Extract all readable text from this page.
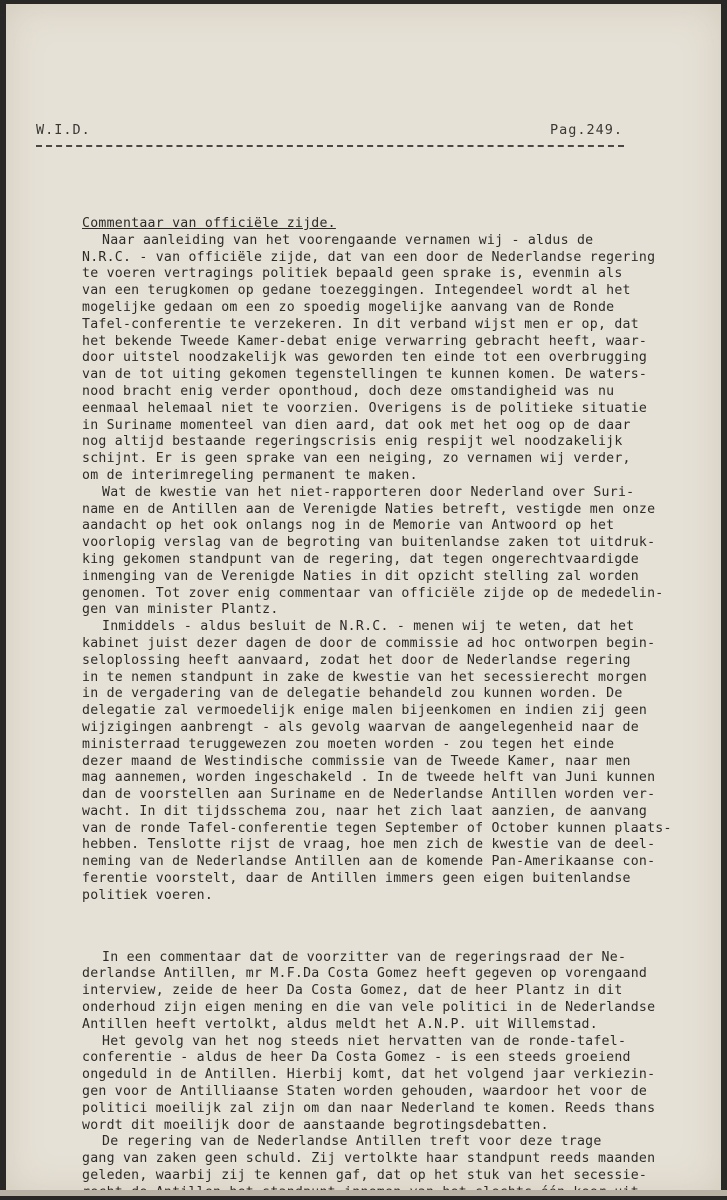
W.I.D.	Pag.249.
Commentaar van officiële zijde.
Naar aanleiding van het voorengaande vernamen wij - aldus de
N.R.C. - van officiële zijde, dat van een door de Nederlandse regering
te voeren vertragings politiek bepaald geen sprake is, evenmin als
van een terugkomen op gedane toezeggingen. Integendeel wordt al het
mogelijke gedaan om een zo spoedig mogelijke aanvang van de Ronde
Tafel-conferentie te verzekeren. In dit verband wijst men er op, dat
het bekende Tweede Kamer-debat enige verwarring gebracht heeft, waar-
door uitstel noodzakelijk was geworden ten einde tot een overbrugging
van de tot uiting gekomen tegenstellingen te kunnen komen. De waters-
nood bracht enig verder oponthoud, doch deze omstandigheid was nu
eenmaal helemaal niet te voorzien. Overigens is de politieke situatie
in Suriname momenteel van dien aard, dat ook met het oog op de daar
nog altijd bestaande regeringscrisis enig respijt wel noodzakelijk
schijnt. Er is geen sprake van een neiging, zo vernamen wij verder,
om de interimregeling permanent te maken.
Wat de kwestie van het niet-rapporteren door Nederland over Suri-
name en de Antillen aan de Verenigde Naties betreft, vestigde men onze
aandacht op het ook onlangs nog in de Memorie van Antwoord op het
voorlopig verslag van de begroting van buitenlandse zaken tot uitdruk-
king gekomen standpunt van de regering, dat tegen ongerechtvaardigde
inmenging van de Verenigde Naties in dit opzicht stelling zal worden
genomen. Tot zover enig commentaar van officiële zijde op de mededelin-
gen van minister Plantz.
Inmiddels - aldus besluit de N.R.C. - menen wij te weten, dat het
kabinet juist dezer dagen de door de commissie ad hoc ontworpen begin-
seloplossing heeft aanvaard, zodat het door de Nederlandse regering
in te nemen standpunt in zake de kwestie van het secessierecht morgen
in de vergadering van de delegatie behandeld zou kunnen worden. De
delegatie zal vermoedelijk enige malen bijeenkomen en indien zij geen
wijzigingen aanbrengt - als gevolg waarvan de aangelegenheid naar de
ministerraad teruggewezen zou moeten worden - zou tegen het einde
dezer maand de Westindische commissie van de Tweede Kamer, naar men
mag aannemen, worden ingeschakeld . In de tweede helft van Juni kunnen
dan de voorstellen aan Suriname en de Nederlandse Antillen worden ver-
wacht. In dit tijdsschema zou, naar het zich laat aanzien, de aanvang
van de ronde Tafel-conferentie tegen September of October kunnen plaats-
hebben. Tenslotte rijst de vraag, hoe men zich de kwestie van de deel-
neming van de Nederlandse Antillen aan de komende Pan-Amerikaanse con-
ferentie voorstelt, daar de Antillen immers geen eigen buitenlandse
politiek voeren.
In een commentaar dat de voorzitter van de regeringsraad der Ne-
derlandse Antillen, mr M.F.Da Costa Gomez heeft gegeven op vorengaand
interview, zeide de heer Da Costa Gomez, dat de heer Plantz in dit
onderhoud zijn eigen mening en die van vele politici in de Nederlandse
Antillen heeft vertolkt, aldus meldt het A.N.P. uit Willemstad.
Het gevolg van het nog steeds niet hervatten van de ronde-tafel-
conferentie - aldus de heer Da Costa Gomez - is een steeds groeiend
ongeduld in de Antillen. Hierbij komt, dat het volgend jaar verkiezin-
gen voor de Antilliaanse Staten worden gehouden, waardoor het voor de
politici moeilijk zal zijn om dan naar Nederland te komen. Reeds thans
wordt dit moeilijk door de aanstaande begrotingsdebatten.
De regering van de Nederlandse Antillen treft voor deze trage
gang van zaken geen schuld. Zij vertolkte haar standpunt reeds maanden
geleden, waarbij zij te kennen gaf, dat op het stuk van het secessie-
